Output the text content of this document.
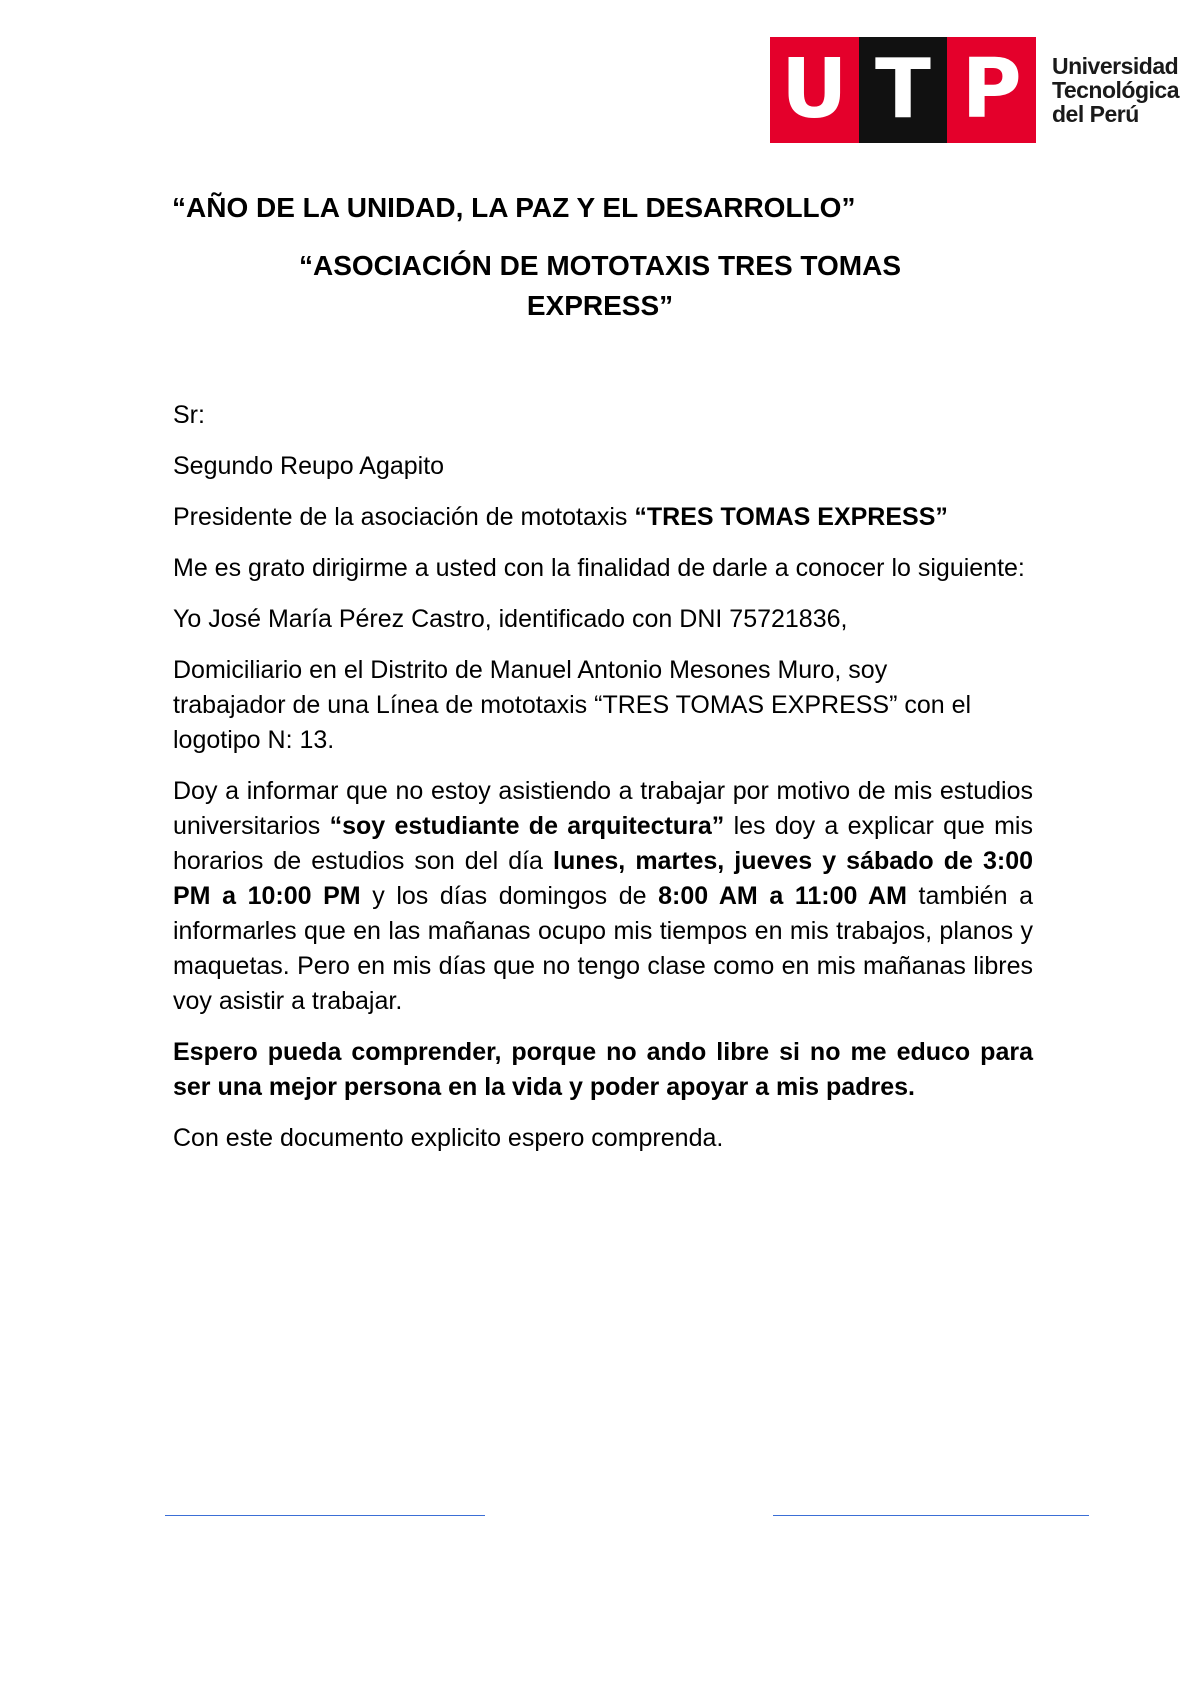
U T P	Universidad
Tecnológica
del Perú
“AÑO DE LA UNIDAD, LA PAZ Y EL DESARROLLO”
“ASOCIACIÓN DE MOTOTAXIS TRES TOMAS
EXPRESS”

Sr:

Segundo Reupo Agapito

Presidente de la asociación de mototaxis “TRES TOMAS EXPRESS”

Me es grato dirigirme a usted con la finalidad de darle a conocer lo siguiente:

Yo José María Pérez Castro, identificado con DNI 75721836,

Domiciliario en el Distrito de Manuel Antonio Mesones Muro, soy trabajador de una Línea de mototaxis “TRES TOMAS EXPRESS” con el logotipo N: 13.

Doy a informar que no estoy asistiendo a trabajar por motivo de mis estudios universitarios “soy estudiante de arquitectura” les doy a explicar que mis horarios de estudios son del día lunes, martes, jueves y sábado de 3:00 PM a 10:00 PM y los días domingos de 8:00 AM a 11:00 AM también a informarles que en las mañanas ocupo mis tiempos en mis trabajos, planos y maquetas. Pero en mis días que no tengo clase como en mis mañanas libres voy asistir a trabajar.

Espero pueda comprender, porque no ando libre si no me educo para ser una mejor persona en la vida y poder apoyar a mis padres.

Con este documento explicito espero comprenda.
